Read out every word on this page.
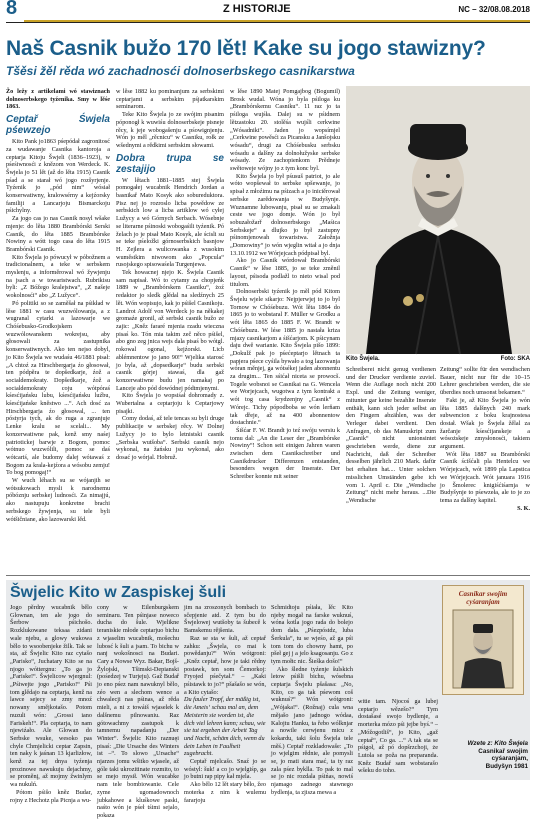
8	Z HISTORIJE	NC – 32/08.08.2018
Naš Casnik bužo 170 lět! Kake su jogo stawizny?
Tšěsi žěl rěda wó zachadnosći dolnoserbskego casnikarstwa

Žo ležy z artikelami wó stawiznach dolnoserbskego tyźenika. Smy w lěśe 1863.

Ceptař Śwjela pśewzejo

Kito Pank jo1863 pśepódał zagronitosć za wudawanje Casnika kantoroja a ceptarja Kitoju Šwjeli (1836–1923), w pśeśiwnosći z knězom von Werdeck. K. Šwjela jo 51 lět (až do lěta 1915) Casnik pśad a se starał wó jogo rozšyrjenje. Tyźenik jo „pód nim“ wósiał konserwatiwny, kralowsérny a kejźorsky familiji a Lancarjoju Bismarckoju pśichylny.

Za jogo cas jo nas Casnik nosyl wšake mjenje: do lěta 1880 Brambórski Serski Casnik, do lěta 1885 Brambórske Nowiny a wótt togo casa do lěta 1915 Brambórski Casnik.

Kito Šwjela jo pówucył w póbožnem a tradicionalnem, a teke w serbskem myslenju, a informěrowal wó žywjenju na jsach a w towaristwach. Rubrikisu byli: „Z Bóžego kralejstwa“, „Z našeje wokolnosći“ abo „Z Lužyce“.

Pó politiki so se zaměšał na pśikład w lěse 1881 w casu wuzwólowanja, a z wugranal cytarki a lazowarje we Chóśebusko-Grodkojskem wuzwólowanskem wokrejsu, aby głosowali za zastupnika konserwatiwnych. Ako ten nejso dobyl, jo Kito Šwjela we wudaśu 46/1881 pisał: „A chtoź za Hirschbergarja źo głosował, ten pódpěra te dopšedkarje, źož a socialdemokraty. Dopšedkarje, źož a socialdemokraty coju wótpóraś kśesćijańsku lubu, kśesćijańsku luźbu, kśesćijańske kněstwo ...“. Ach dosć za Hirschbergarja źo głosowal, ... ten póstyrja tych, ak do ruga a zgranjuje Lenke kralu se scelali... My konzerwatiwne pak, kenž smy naśej patriotickej barwje z Bogom, pomoc wótnuo wuzwólili, pomoc se daś wótcariś, ale budomy dalej wótawaś z Bogom za krala-kejźora a wósobu zemju! To bog pomogaj!“

W wuch léhach su se wójanjih se wótsukowach mysli k narodnemu póbóznju serbskej ludnosći. Za nimajjú, ako nastupuju konkretne brachi serbskego žywjenja, su tele byli wótšičniane, ako lazowarski lěd.

w lěse 1882 ku pominanjum za serbskimi ceptarjami a serbskim pśjatkarskim seminarom.

Teke Kito Šwjela jo ze swójim pisanim póponogł k wuwiśu dolnoserbskeje pisneje rěcy, k jeje wobogašenju a pśowignjenju. Wón jo měl „rěcnicu“ w Casniku, rołk ze wšednymi a rědkimi serbskim słowami.

Dobra trupa se zestajijo

W lětach 1881–1885 stej Šwjela pomogałej wucabnik Hendrich Jordan a basnikař Mato Kosyk ako sobureduktora. Pisz nej jo rozroslo licba powědow ze serbskich low a licba artiklow wó cyłej Lužycy a wó Górnych Serbach. Wósebnje se literarne pśinoski wobogaśili tyźenik. Pó želach jo je pisał Mato Kosyk, ale ścisli su se teke pśeložki górnoserbskich basnjow H. Zejlera a wulicowanka z wusokim wuměstkim niwowom ako „Popcula“ rusojskego spisowaśela Turgenjewa.

Tek howacnej njejo K. Šwjela Casnik sam napisał. Wó to cytamy za chopjeńk 1889 w „Brambórskem Casniku“, żoź redaktor jo sledk glědal na sledźnych 25 lět. Wón wopisujo, kak jo pśišel Casnikoju. Landrot Adolf von Werdeck jo na někakej gromaźe gronil, až serbski casnik bužo ze zajic: „Kněz fararé mjenia rzadu wieczna pisaś ko. Tón mia takim zeč něco pśišel, abo gno zeg jnica wejs dala pisaś bo wótgl. rokowal ogonal, kejźorski. Licb ablémnentow jo jano 90!“ Wjelika starosć jo byla, až „dopsedkarje“ budu serbski casnik górjej stawaś, dla gaž konzerwatiwne budu jen namakaj po Lanceje abo pód dowódnej pódtmjenymi.

Kito Šwjela jo wopsiśał dohromady z. Wubertalna a ceptarjoju k Ceptarjowy pisajki.

Comy dodaś, až tele tencas su byli druge publikacije w serbskej rěcy. W Dolnej Lužycy jo to bylo letnistski casnik „Serbska wutšoba“. Serbski casnik nejo wykonal, na žańsku jsu wykonal, ako dosać jo wórjal. Hobruž.

w lěse 1890 Matej Pomgajbog (Bogumil) Brosk wudal. Wóna jo byla pśiloga ku „Brambórskemu Casniku“. 11 raz jo ta pśiloga wujśła. Dalej su w pśidnem lětzastoku 20. stolěśa wujśli cerkwine „Wósadniki“. Jaden jo wopsímjel „Cerkwine powěsći za Picansku a Janšojsku wósadu“, drugi za Chóśebusku serbsku wósadu a dalšny za dolnołužyske serbske wósady. Ze zachopienkom Prědneje swětoweje wójny jo z tym konc byl.

Kito Šwjela jo był pśusuš patriot, jo ale wóto wopšewał to serbske spšewanje, jo spisał z młoźimu na pśizach a jo iniciěrował serbske zarědowanja w Budyšynje. Wuznamne lubowanju, pisał su se zmakali ceste we jogo domje. Wón jo był sobuzałožarř dolnoserbskego „Maśica Serbskeje“ a dlujko jo był zastupny pśinomjenowah towaristwa. Załožnja „Domowiny“ jo wón wjeglin witał a jo dnja 13.10.1912 we Wórjejcach pódpisał byl.

Ako jo Casnik wórdował Brambórski Casnik“ w lěse 1885, jo se teke změnil layout, pśisoda podlažl to nieto wisal pod titulom.

Dolnoserbski tyźenik jo měl pód Kitom Šwjelu wjele sikarjo: Nejpjerwjej to jo byl Tornow w Chóśebuzu. Wót lěta 1864 do 1865 jo to wobstaral F. Müller w Grodku a wót lěta 1865 do 1885 F. W. Brandt w Chóśebuzu. W lése 1885 jo nastała kriza mjazy casnikarjom a śišćarjom. K pśicynam daju dwě warianie. Kito Šwjela pišo 1899: „Dokulž pak jo pśećeptarjo lětnach ta papjera pśece cyśila bywało a tog lazowanja wóran měnjej, ga wótsékej jaden abonnentu za drugim... Ten sśićał niceta se prowocš. Togele wobsnoi se Casnikai na G. Wencela we Worjejcach, wugotwa z tym kontrakt a wót tog casa krydzenjny „Casnik“ z Wórejc. Tichy pópodboba se wón lerňam tak dřeje, až na 400 abonnentow dostachnie.“

Śišćar F. W. Brandt jo teź swóju wersiu k tomu dal: „An die Leser der „Brambórske Nowiny“! Schon seit einigen Jahren waren zwischen dem Casnikschreiber und Casnikdrucker Differenzen entstanden, besonders wegen der Inserate. Der Schreiber konnte mit seiner

Kito Šwjela.	Foto: SKA

Schreiberei nicht genug verdienen und der Drucker verdiente zuviel. Wenn die Auflage noch nicht 200 Expl. und die Zeitung weniger, mitunter gar keine bezahlte Inserate enthält, kann sich jeder selbst an den Fingern abzählen, was der Verleger dabei verdient. Den Anfragen, ob das Manuskript zum „Casnik“ nicht unionsintet geschrieben werde, diene zur Nachricht, daß der Schreiber desselben jährlich 210 Mark. dafür bei erhalten hat.... Unter solchen misslichen Umständen gebe ich vom 1. April c. Die „Wendische Zeitung“ nicht mehr heraus. ...Die „Wendische

Zeitung“ sollte für den wendischen Bauer, nicht nur für die 10–15 Lehrer geschrieben werden, die sie überdies noch umsonst bekamen.“

Fakt je, až Kito Šwjela jo wón lěta 1885 dalšnych 240 mark subwencion z boku krajnostesa dostał. Wšak jo Šwjela žělal za žarčanje kśesćijanskeje a wósożskeje zmysłonosći, takiem argument.

Wót lěta 1887 su Brambórski Casnik ścišćali pla Hentelcu we Wórjejcach, wót 1899 pla Lapstica we Wórjejcach. Wót januara 1916 jo Šmolerec knigiśćiśarnja w Budyšynje to pśewzeła, ale to je zo tema za dalšny kapitel.

S. K.

Šwjelic Kito w Zaspiskej šuli

Jogo pěrdny wucabnik bělo Glownan, ten ale jogo do Šerbow pśichošo. Rozklukowane teksaa zidani wale njebu, a glowy wukowa bělo to wsoobenjeke žilk. Tak se sta, až Šwjelic Kito raz cytašo „Parisko“, Juchatary Kito se na njogo wóttergnu: „To ga jo „Fariske!“. Šwjelicow wjergnul: „Pśiwejte jogo „Parisko!“ Pśi tom glědajo na ceptarja, kenž na lawce sejecy se zmy mnoź nowany smějkotašo. Potom nuzuli wón: „Grossi iano Fariskeh!“. Pla ceptarja, to nam njewiźało. Ale Glowan do Serbske wsuke, wesoko pas chyle Chmjelicki ceptar Zapsin, ten naky k jaśnan 13 kjarlizłow, kenž za tej dnya tyźenja prozinowe nawukuju dejachmy, se proměnį, až mojmy žwinlym wa nukulń.

Pótom pśišo kněz Budar, rojny z Hechotz pla Picnja a wu-

cony w Eilenburgskem seminaru. Ten pśinjase noweco ducha do šule. Wjelikne teraniskie młode ceptarjuo bichu z wjaselim wucabnik, mošechu lubosć k šuli a jsam. To bichu w nanj wokošnosci na Budari. Cary a Nowse Wyz. Bakar, Bojš-Žylojski, Tšimski-Depianski (pośedzej w Turjeju). Gaž Budař jo eno pśez nam nawuknyl bělo, zéo wen a slechom wence a chwalecji nas pśinas, až rěda mieli, a ni z towáiš wjaselek k dalšnemu pilnowaniu. Raz gótowachmy zastupok k tamnemu napadanju „Der Winter“. Šwjelic Kito raznuęi pisaś: „Die Ursache des Winters ist –“. To slowo „Ursache“ njarzes jomu wšitko wjasele, až góle taki ukrozitinate rozmito, to se mejo mysił. Wón wucabke nam tele bombiowanie. Cele zyme ugomadownoch jubkahowe a kluśkowe paski, naśto wón je pśeł tśimi sejalo, pokaza

jim na zroszonych bombach to sčepjenie atd. Z tym bu do Šwjelowej wutšoby ta šubecě k Bamskemu rějšenia.

Raz se sta w šuli, až ceptař zahku: „Šwjela, co mai k powědanju?“ Wón wótgroni: „Kněz ceptař, how je taki rědny postawk, ten som Čemorkoj: Fryojed pśečytał.“ – „Kaki pśistawk to jo?“ pšašašo se wón, a Kito cytašo:

Du fauler Tropf, der mäßig ist, die Ameis‘ schau mal an, dem Meisterin sie worden ist, die dich viel lehren kann; schau, wie sie tut ergeben der Arbeit Tag und Nacht, schäm dich, wenn du dein Leben in Faulheit zugebracht.

Ceptař mjelcašo. Snaź jo se wóstyl: šuk! a co jo wjelgiśp, ga jo butni rap pipy kał mjela.

Ako bělo 12 lět stary bělo, žeo moterka z nim k wulemu fararjoju

Schmidtoju pśiała, lěc Kito njeby mogał na farske wuknuś, wóna kotla jogo rada do bolejo dom dała. „Pśezpóstdz, luba Šerkula“, tu se wjeśo, až ga pśi tom tom do chowny hamt, po pšeł gej j a jelo ksagosanju. Go z tym mołtc nic. Šieška došo!“

Ako šledne tyźenje šulskich letow pśišli bichu, wósebna ceptarja Šwjelu pšašasa: „No, Kito, co ga tak pśewom coš wuknuś?“ Wón wótgroni: „Wójaka!“. (Rožnaj) cula wna mějašo jano jadnogo wódaa, Kalojtu Hanku, ta řebo wólknjar a nowile cerwjenu micu z kokardu, taki šolu Šwjela tele měś.) Ceptař rozkladowaše: „To jo wjelgim rědnie, ale pomysli se, jo mati stara mać, ta ty raz zala pśez byklla. To pak to mal se jo nic rozdala pśińas, nowiś njamago zadnego stawnego bydlenja, ta zjisza mewa a

witie tam. Njocoś ga lubej ceptarjo wězešo?“ Tym dostašasé swojo bydlenje, a morterka mózo pśi jejbe byś.“ – „Móžogotliš“, jo Kito, „gaž ceptař“, Co ga. ...“ A tak sta se pśigoł, až pó dopšrzchoji, że Lutola se poža na preparanda. Kněz Budař sam wobstarašo wšeku do toho.

Casnikar swojim cyśaranjam
Wzete z: Kito Šwjela
Casnikař swojim cyśaranjam,
Budyšyn 1981
